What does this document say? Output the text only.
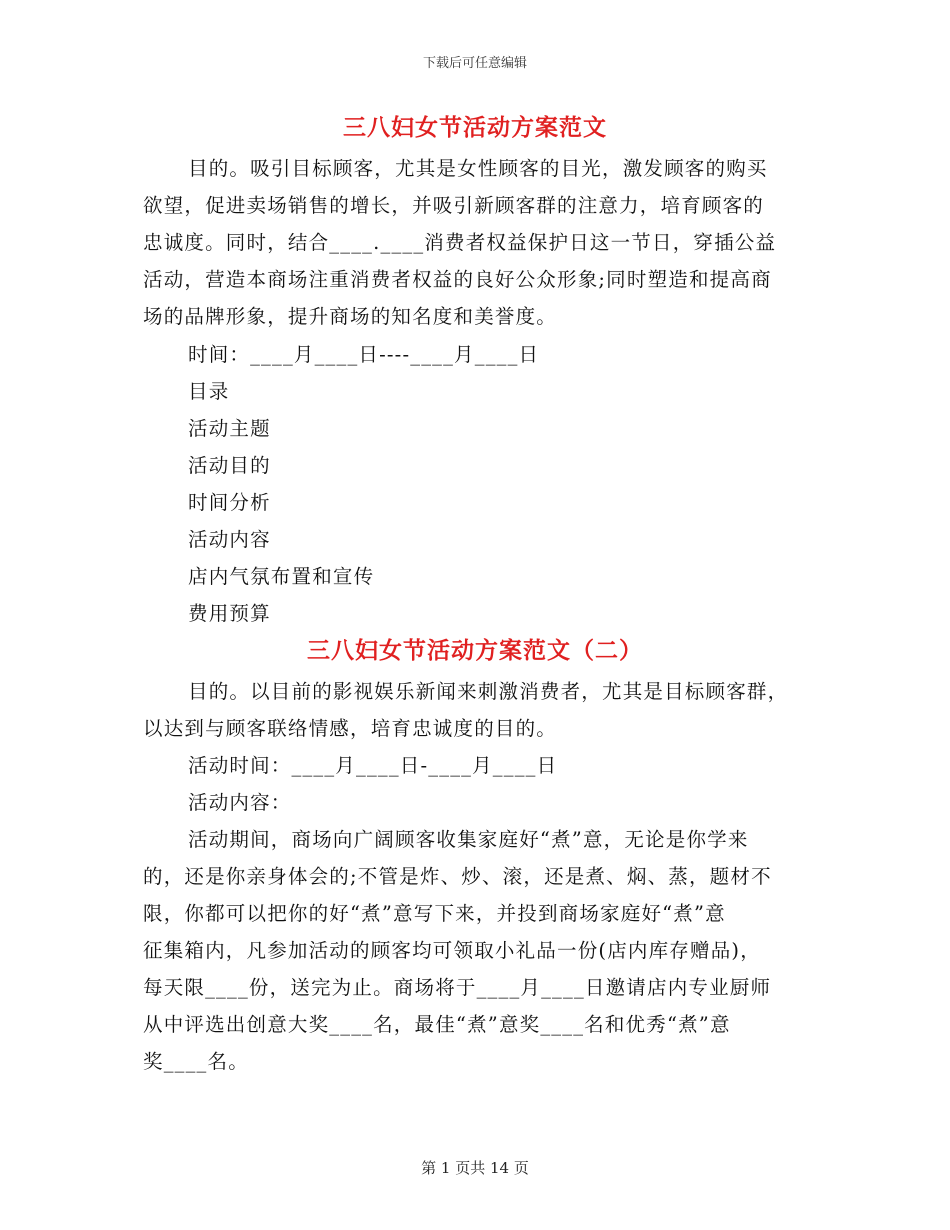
下载后可任意编辑
三八妇女节活动方案范文
目的。吸引目标顾客，尤其是女性顾客的目光，激发顾客的购买
欲望，促进卖场销售的增长，并吸引新顾客群的注意力，培育顾客的
忠诚度。同时，结合____.____消费者权益保护日这一节日，穿插公益
活动，营造本商场注重消费者权益的良好公众形象;同时塑造和提高商
场的品牌形象，提升商场的知名度和美誉度。
时间：____月____日----____月____日
目录
活动主题
活动目的
时间分析
活动内容
店内气氛布置和宣传
费用预算
三八妇女节活动方案范文（二）
目的。以目前的影视娱乐新闻来刺激消费者，尤其是目标顾客群，
以达到与顾客联络情感，培育忠诚度的目的。
活动时间：____月____日-____月____日
活动内容：
活动期间，商场向广阔顾客收集家庭好“煮”意，无论是你学来
的，还是你亲身体会的;不管是炸、炒、滚，还是煮、焖、蒸，题材不
限，你都可以把你的好“煮”意写下来，并投到商场家庭好“煮”意
征集箱内，凡参加活动的顾客均可领取小礼品一份(店内库存赠品)，
每天限____份，送完为止。商场将于____月____日邀请店内专业厨师
从中评选出创意大奖____名，最佳“煮”意奖____名和优秀“煮”意
奖____名。
第 1 页共 14 页
